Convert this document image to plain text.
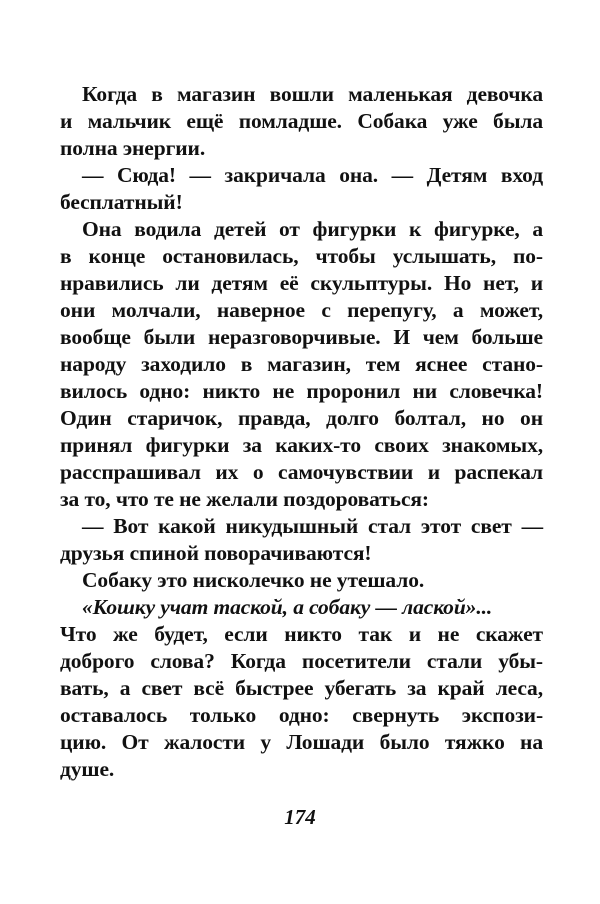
Когда в магазин вошли маленькая девочка
и мальчик ещё помладше. Собака уже была
полна энергии.
— Сюда! — закричала она. — Детям вход
бесплатный!
Она водила детей от фигурки к фигурке, а
в конце остановилась, чтобы услышать, по-
нравились ли детям её скульптуры. Но нет, и
они молчали, наверное с перепугу, а может,
вообще были неразговорчивые. И чем больше
народу заходило в магазин, тем яснее стано-
вилось одно: никто не проронил ни словечка!
Один старичок, правда, долго болтал, но он
принял фигурки за каких-то своих знакомых,
расспрашивал их о самочувствии и распекал
за то, что те не желали поздороваться:
— Вот какой никудышный стал этот свет —
друзья спиной поворачиваются!
Собаку это нисколечко не утешало.
«Кошку учат таской, а собаку — лаской»...
Что же будет, если никто так и не скажет
доброго слова? Когда посетители стали убы-
вать, а свет всё быстрее убегать за край леса,
оставалось только одно: свернуть экспози-
цию. От жалости у Лошади было тяжко на
душе.
174
